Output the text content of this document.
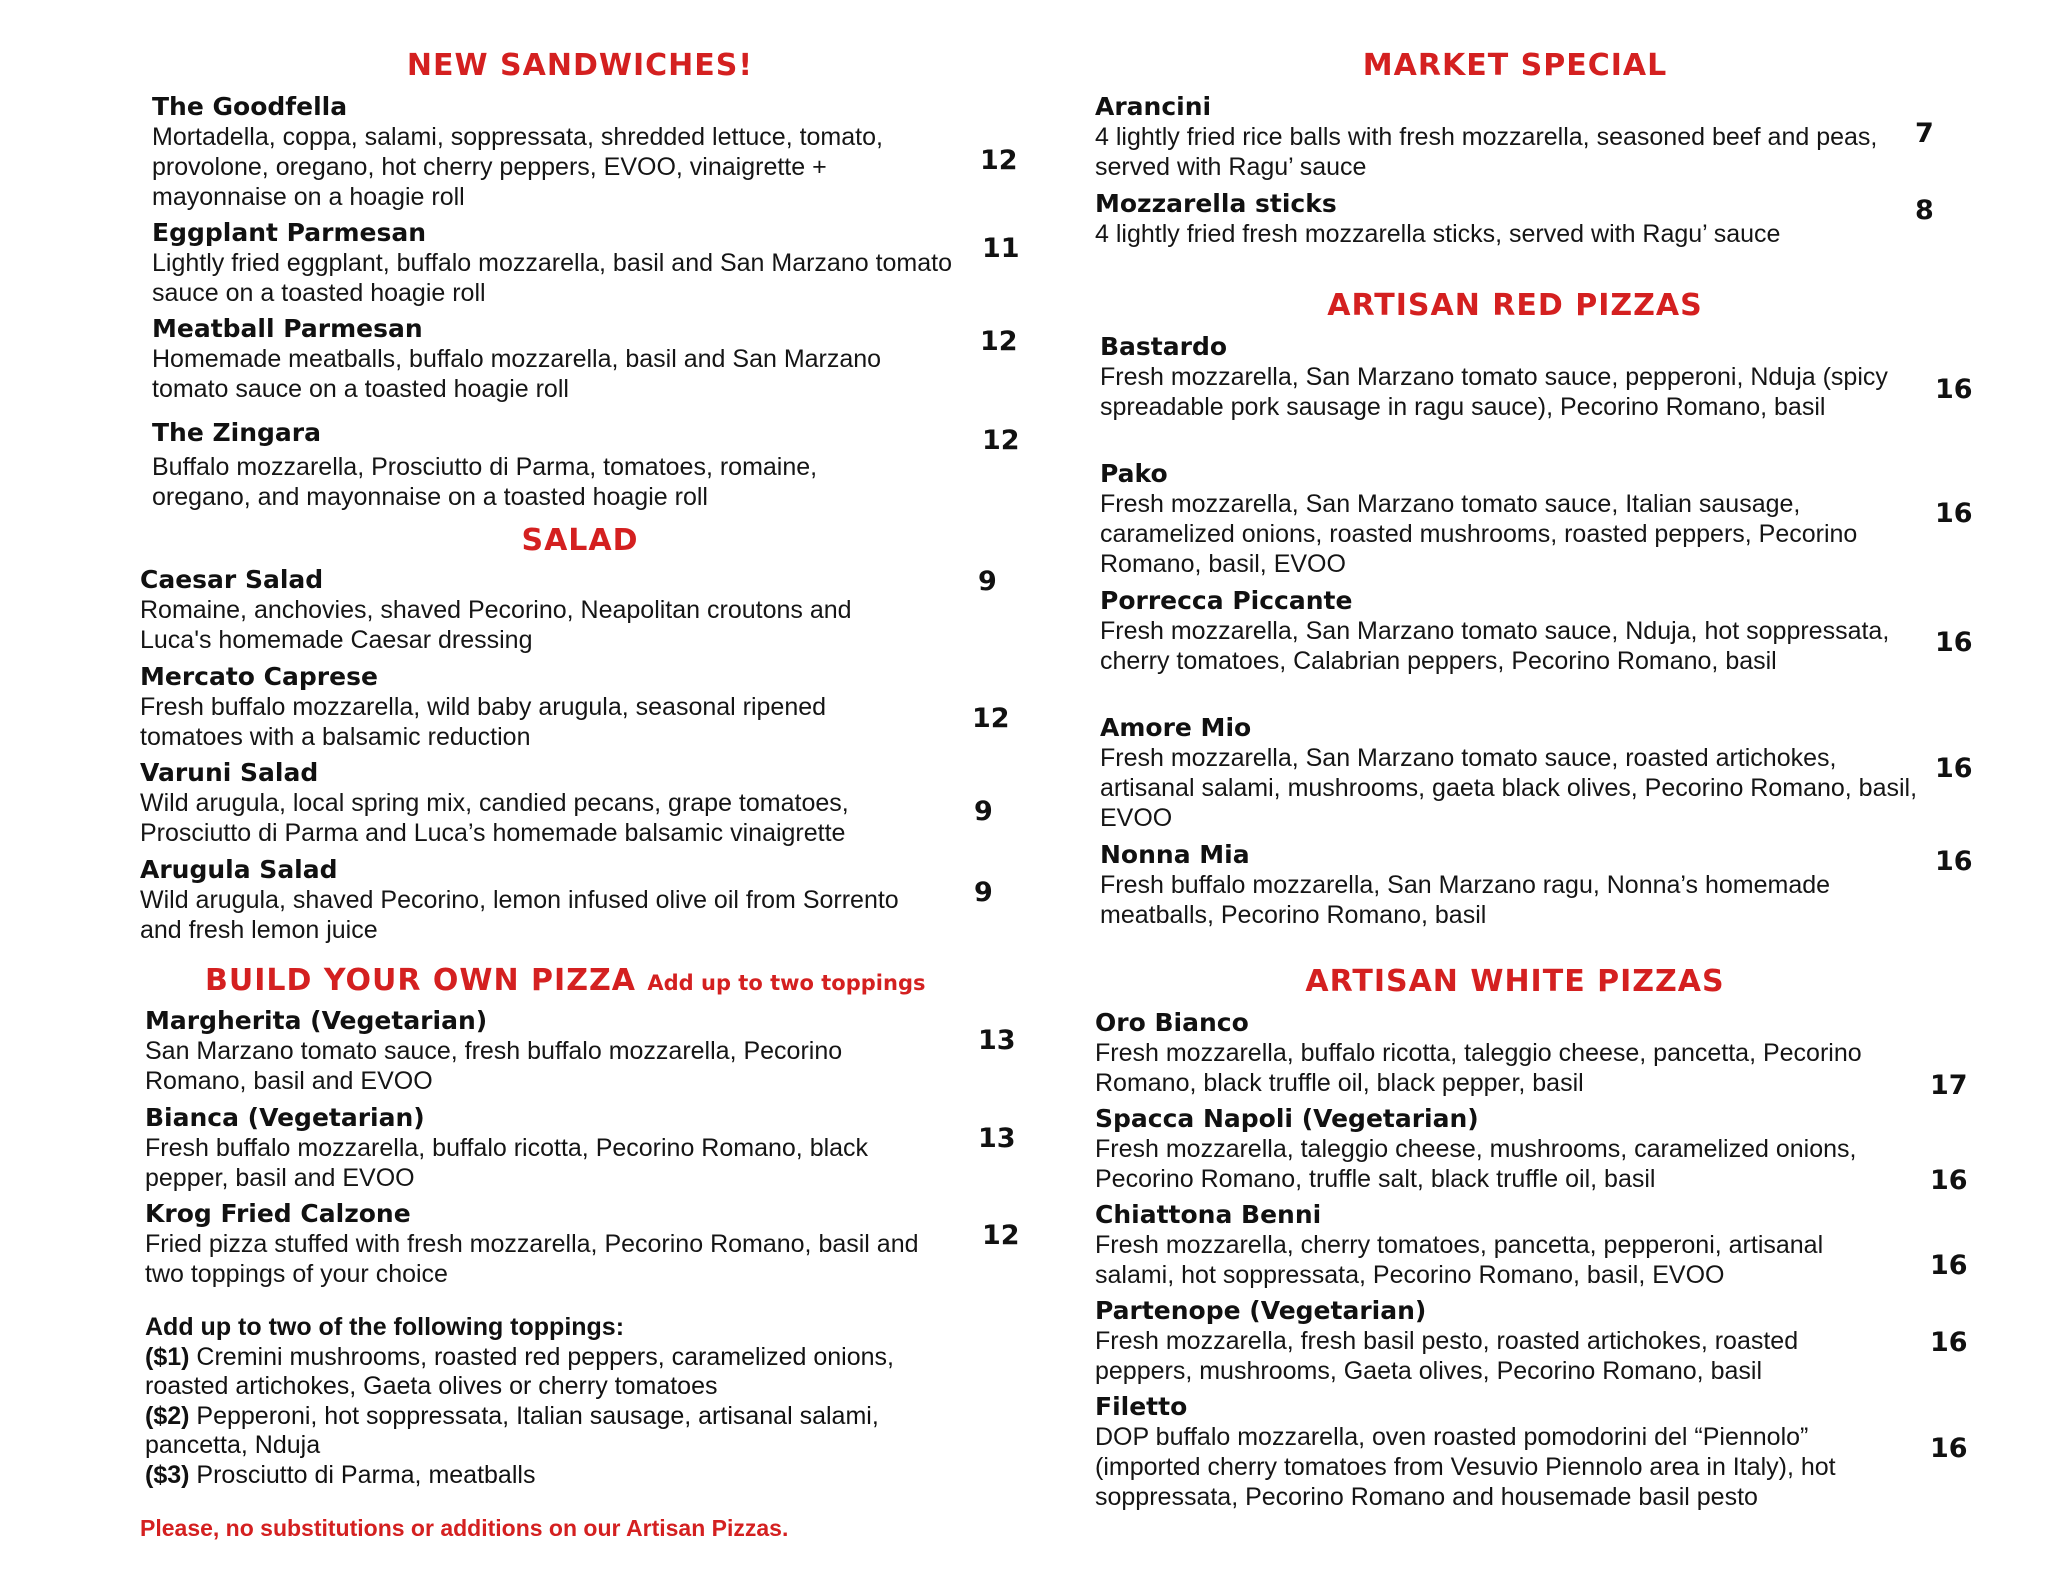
NEW SANDWICHES!
The Goodfella
Mortadella, coppa, salami, soppressata, shredded lettuce, tomato, provolone, oregano, hot cherry peppers, EVOO, vinaigrette + mayonnaise on a hoagie roll
12
Eggplant Parmesan
Lightly fried eggplant, buffalo mozzarella, basil and San Marzano tomato sauce on a toasted hoagie roll
11
Meatball Parmesan
Homemade meatballs, buffalo mozzarella, basil and San Marzano tomato sauce on a toasted hoagie roll
12
The Zingara
Buffalo mozzarella, Prosciutto di Parma, tomatoes, romaine, oregano, and mayonnaise on a toasted hoagie roll
12
SALAD
Caesar Salad
Romaine, anchovies, shaved Pecorino, Neapolitan croutons and Luca's homemade Caesar dressing
9
Mercato Caprese
Fresh buffalo mozzarella, wild baby arugula, seasonal ripened tomatoes with a balsamic reduction
12
Varuni Salad
Wild arugula, local spring mix, candied pecans, grape tomatoes, Prosciutto di Parma and Luca’s homemade balsamic vinaigrette
9
Arugula Salad
Wild arugula, shaved Pecorino, lemon infused olive oil from Sorrento and fresh lemon juice
9
BUILD YOUR OWN PIZZA Add up to two toppings
Margherita (Vegetarian)
San Marzano tomato sauce, fresh buffalo mozzarella, Pecorino Romano, basil and EVOO
13
Bianca (Vegetarian)
Fresh buffalo mozzarella, buffalo ricotta, Pecorino Romano, black pepper, basil and EVOO
13
Krog Fried Calzone
Fried pizza stuffed with fresh mozzarella, Pecorino Romano, basil and two toppings of your choice
12
Add up to two of the following toppings:
($1) Cremini mushrooms, roasted red peppers, caramelized onions, roasted artichokes, Gaeta olives or cherry tomatoes
($2) Pepperoni, hot soppressata, Italian sausage, artisanal salami, pancetta, Nduja
($3) Prosciutto di Parma, meatballs
Please, no substitutions or additions on our Artisan Pizzas.
MARKET SPECIAL
Arancini
4 lightly fried rice balls with fresh mozzarella, seasoned beef and peas, served with Ragu’ sauce
7
Mozzarella sticks
4 lightly fried fresh mozzarella sticks, served with Ragu’ sauce
8
ARTISAN RED PIZZAS
Bastardo
Fresh mozzarella, San Marzano tomato sauce, pepperoni, Nduja (spicy spreadable pork sausage in ragu sauce), Pecorino Romano, basil
16
Pako
Fresh mozzarella, San Marzano tomato sauce, Italian sausage, caramelized onions, roasted mushrooms, roasted peppers, Pecorino Romano, basil, EVOO
16
Porrecca Piccante
Fresh mozzarella, San Marzano tomato sauce, Nduja, hot soppressata, cherry tomatoes, Calabrian peppers, Pecorino Romano, basil
16
Amore Mio
Fresh mozzarella, San Marzano tomato sauce, roasted artichokes, artisanal salami, mushrooms, gaeta black olives, Pecorino Romano, basil, EVOO
16
Nonna Mia
Fresh buffalo mozzarella, San Marzano ragu, Nonna’s homemade meatballs, Pecorino Romano, basil
16
ARTISAN WHITE PIZZAS
Oro Bianco
Fresh mozzarella, buffalo ricotta, taleggio cheese, pancetta, Pecorino Romano, black truffle oil, black pepper, basil	17
Spacca Napoli (Vegetarian)
Fresh mozzarella, taleggio cheese, mushrooms, caramelized onions, Pecorino Romano, truffle salt, black truffle oil, basil	16
Chiattona Benni
Fresh mozzarella, cherry tomatoes, pancetta, pepperoni, artisanal salami, hot soppressata, Pecorino Romano, basil, EVOO	16
Partenope (Vegetarian)
Fresh mozzarella, fresh basil pesto, roasted artichokes, roasted peppers, mushrooms, Gaeta olives, Pecorino Romano, basil
16
Filetto
DOP buffalo mozzarella, oven roasted pomodorini del “Piennolo” (imported cherry tomatoes from Vesuvio Piennolo area in Italy), hot soppressata, Pecorino Romano and housemade basil pesto
16
